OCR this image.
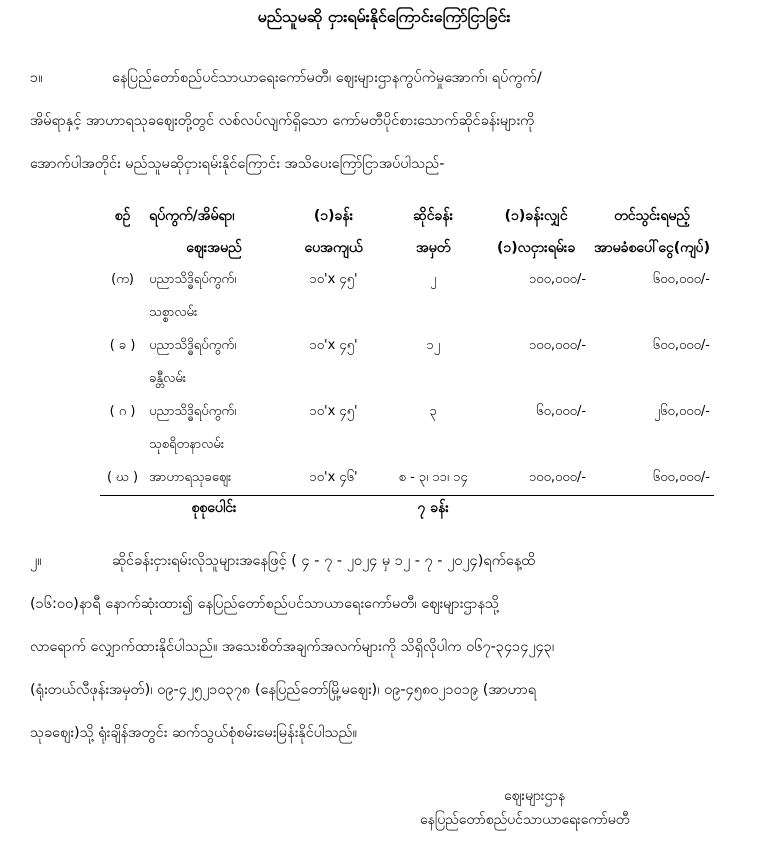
မည်သူမဆို ငှားရမ်းနိုင်ကြောင်းကြော်ငြာခြင်း
၁။	နေပြည်တော်စည်ပင်သာယာရေးကော်မတီ၊ ဈေးများဌာနကွပ်ကဲမှုအောက်၊ ရပ်ကွက်/
အိမ်ရာနှင့် အာဟာရသုခဈေးတို့တွင် လစ်လပ်လျက်ရှိသော ကော်မတီပိုင်စားသောက်ဆိုင်ခန်းများကို
အောက်ပါအတိုင်း မည်သူမဆိုငှားရမ်းနိုင်ကြောင်း အသိပေးကြော်ငြာအပ်ပါသည်-
စဉ်	ရပ်ကွက်/အိမ်ရာ၊	(၁)ခန်း	ဆိုင်ခန်း	(၁)ခန်းလျှင်	တင်သွင်းရမည့်
	ဈေးအမည်	ပေအကျယ်	အမှတ်	(၁)လငှားရမ်းခ	အာမခံစပေါ်ငွေ(ကျပ်)
(က)	ပညာသိဒ္ဓိရပ်ကွက်၊	၁၀'x ၄၅'	၂	၁၀၀,၀၀၀/-	၆၀၀,၀၀၀/-
	သစ္စာလမ်း				
( ခ )	ပညာသိဒ္ဓိရပ်ကွက်၊	၁၀'x ၄၅'	၁၂	၁၀၀,၀၀၀/-	၆၀၀,၀၀၀/-
	ခန္တီလမ်း				
( ဂ )	ပညာသိဒ္ဓိရပ်ကွက်၊	၁၀'x ၄၅'	၃	၆၀,၀၀၀/-	၂၆၀,၀၀၀/-
	သုစရိတနာလမ်း				
( ဃ )	အာဟာရသုခဈေး	၁၀'x ၄၆'	စ - ၃၊ ၁၁၊ ၁၄	၁၀၀,၀၀၀/-	၆၀၀,၀၀၀/-
	စုစုပေါင်း		၇ ခန်း		
၂။	ဆိုင်ခန်းငှားရမ်းလိုသူများအနေဖြင့် ( ၄ - ၇ - ၂၀၂၄ မှ ၁၂ - ၇ - ၂၀၂၄)ရက်နေ့ထိ
(၁၆:၀၀)နာရီ နောက်ဆုံးထား၍ နေပြည်တော်စည်ပင်သာယာရေးကော်မတီ၊ ဈေးများဌာနသို့
လာရောက် လျှောက်ထားနိုင်ပါသည်။ အသေးစိတ်အချက်အလက်များကို သိရှိလိုပါက ၀၆၇-၃၄၁၄၂၄၃၊
(ရုံးတယ်လီဖုန်းအမှတ်)၊ ၀၉-၄၂၅၂၁၀၃၇၈ (နေပြည်တော်မြို့မဈေး)၊ ၀၉-၄၅၈၀၂၁၀၁၉ (အာဟာရ
သုခဈေး)သို့ ရုံးချိန်အတွင်း ဆက်သွယ်စုံစမ်းမေးမြန်းနိုင်ပါသည်။
ဈေးများဌာန
နေပြည်တော်စည်ပင်သာယာရေးကော်မတီ
